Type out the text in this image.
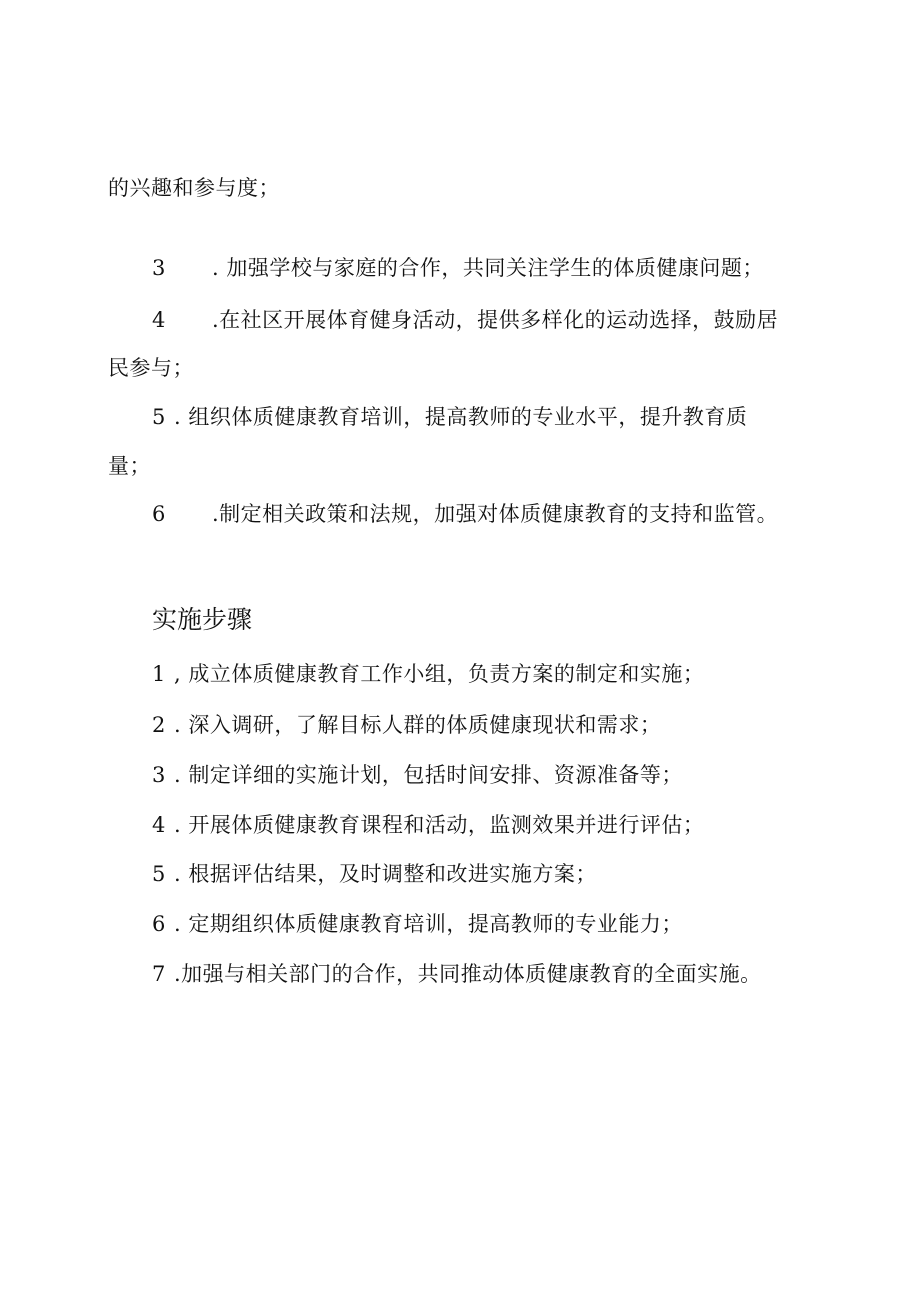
的兴趣和参与度；
3 . 加强学校与家庭的合作，共同关注学生的体质健康问题；
4 .在社区开展体育健身活动，提供多样化的运动选择，鼓励居
民参与；
5 . 组织体质健康教育培训，提高教师的专业水平，提升教育质
量；
6 .制定相关政策和法规，加强对体质健康教育的支持和监管。
实施步骤
1 , 成立体质健康教育工作小组，负责方案的制定和实施；
2 . 深入调研，了解目标人群的体质健康现状和需求；
3 . 制定详细的实施计划，包括时间安排、资源准备等；
4 . 开展体质健康教育课程和活动，监测效果并进行评估；
5 . 根据评估结果，及时调整和改进实施方案；
6 . 定期组织体质健康教育培训，提高教师的专业能力；
7 .加强与相关部门的合作，共同推动体质健康教育的全面实施。
